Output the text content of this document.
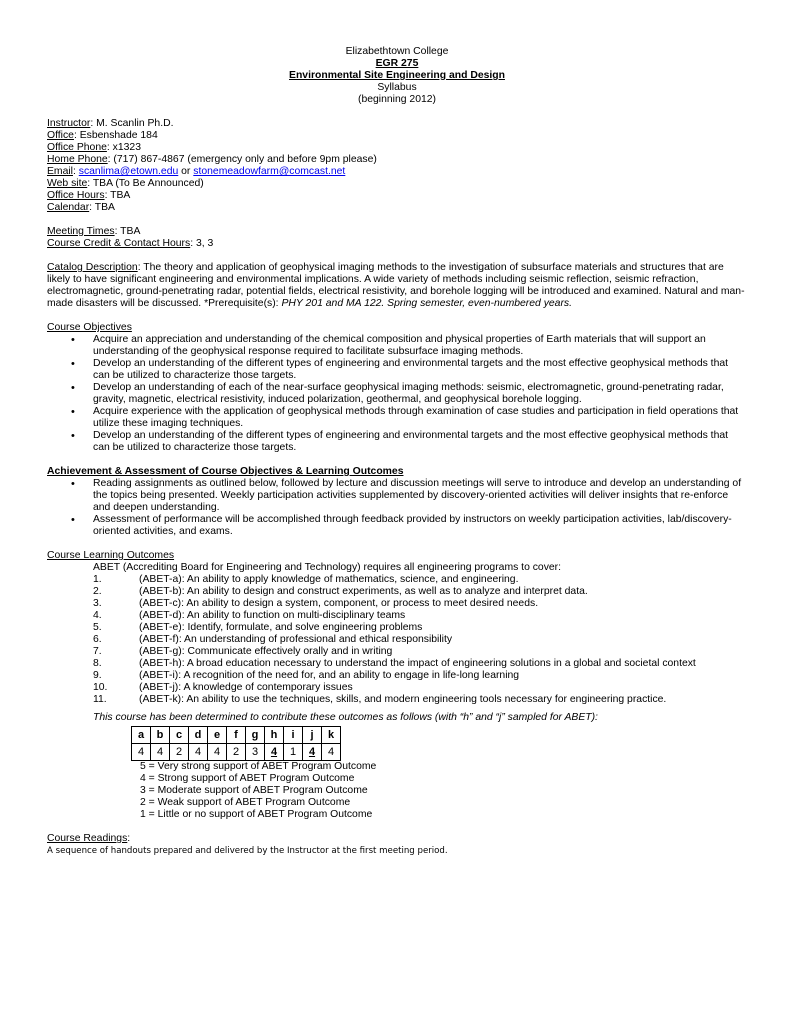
Elizabethtown College
EGR 275
Environmental Site Engineering and Design
Syllabus
(beginning 2012)
Instructor: M. Scanlin Ph.D.
Office: Esbenshade 184
Office Phone: x1323
Home Phone: (717) 867-4867 (emergency only and before 9pm please)
Email: scanlima@etown.edu or stonemeadowfarm@comcast.net
Web site: TBA (To Be Announced)
Office Hours: TBA
Calendar: TBA
Meeting Times: TBA
Course Credit & Contact Hours: 3, 3

Catalog Description: The theory and application of geophysical imaging methods to the investigation of subsurface materials and structures that are likely to have significant engineering and environmental implications. A wide variety of methods including seismic reflection, seismic refraction, electromagnetic, ground-penetrating radar, potential fields, electrical resistivity, and borehole logging will be introduced and examined. Natural and man-made disasters will be discussed. *Prerequisite(s): PHY 201 and MA 122. Spring semester, even-numbered years.

Course Objectives
• Acquire an appreciation and understanding of the chemical composition and physical properties of Earth materials that will support an understanding of the geophysical response required to facilitate subsurface imaging methods.
• Develop an understanding of the different types of engineering and environmental targets and the most effective geophysical methods that can be utilized to characterize those targets.
• Develop an understanding of each of the near-surface geophysical imaging methods: seismic, electromagnetic, ground-penetrating radar, gravity, magnetic, electrical resistivity, induced polarization, geothermal, and geophysical borehole logging.
• Acquire experience with the application of geophysical methods through examination of case studies and participation in field operations that utilize these imaging techniques.
• Develop an understanding of the different types of engineering and environmental targets and the most effective geophysical methods that can be utilized to characterize those targets.
Achievement & Assessment of Course Objectives & Learning Outcomes
• Reading assignments as outlined below, followed by lecture and discussion meetings will serve to introduce and develop an understanding of the topics being presented. Weekly participation activities supplemented by discovery-oriented activities will deliver insights that re-enforce and deepen understanding.
• Assessment of performance will be accomplished through feedback provided by instructors on weekly participation activities, lab/discovery-oriented activities, and exams.
Course Learning Outcomes
ABET (Accrediting Board for Engineering and Technology) requires all engineering programs to cover:
1.	(ABET-a): An ability to apply knowledge of mathematics, science, and engineering.
2.	(ABET-b): An ability to design and construct experiments, as well as to analyze and interpret data.
3.	(ABET-c): An ability to design a system, component, or process to meet desired needs.
4.	(ABET-d): An ability to function on multi-disciplinary teams
5.	(ABET-e): Identify, formulate, and solve engineering problems
6.	(ABET-f): An understanding of professional and ethical responsibility
7.	(ABET-g): Communicate effectively orally and in writing
8.	(ABET-h): A broad education necessary to understand the impact of engineering solutions in a global and societal context
9.	(ABET-i): A recognition of the need for, and an ability to engage in life-long learning
10.	(ABET-j): A knowledge of contemporary issues
11.	(ABET-k): An ability to use the techniques, skills, and modern engineering tools necessary for engineering practice.
This course has been determined to contribute these outcomes as follows (with “h” and “j” sampled for ABET):
a	b	c	d	e	f	g	h	i	j	k
4	4	2	4	4	2	3	4	1	4	4
5 = Very strong support of ABET Program Outcome
4 = Strong support of ABET Program Outcome
3 = Moderate support of ABET Program Outcome
2 = Weak support of ABET Program Outcome
1 = Little or no support of ABET Program Outcome
Course Readings:
A sequence of handouts prepared and delivered by the Instructor at the first meeting period.
